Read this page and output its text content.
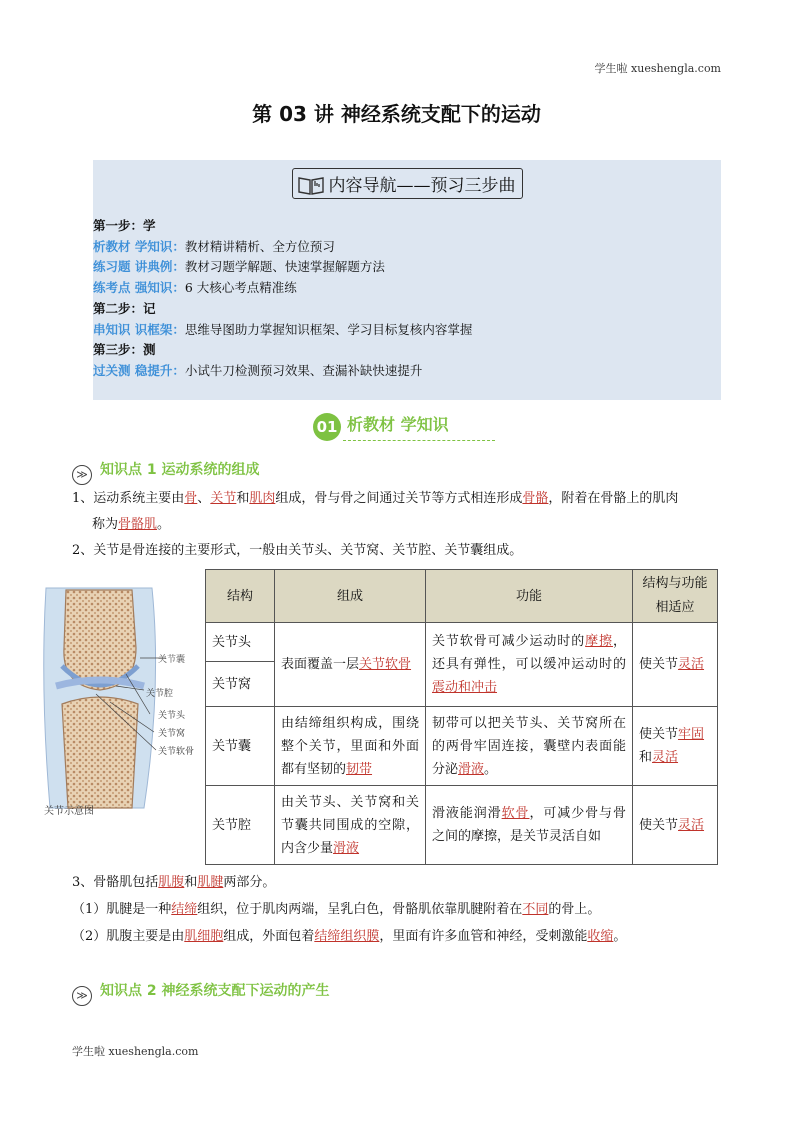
学生啦 xueshengla.com
第 03 讲 神经系统支配下的运动
内容导航——预习三步曲
第一步：学
析教材 学知识：教材精讲精析、全方位预习
练习题 讲典例：教材习题学解题、快速掌握解题方法
练考点 强知识：6 大核心考点精准练
第二步：记
串知识 识框架：思维导图助力掌握知识框架、学习目标复核内容掌握
第三步：测
过关测 稳提升：小试牛刀检测预习效果、查漏补缺快速提升
01 析教材 学知识
≫ 知识点 1 运动系统的组成
1、运动系统主要由骨、关节和肌肉组成，骨与骨之间通过关节等方式相连形成骨骼，附着在骨骼上的肌肉
称为骨骼肌。
2、关节是骨连接的主要形式，一般由关节头、关节窝、关节腔、关节囊组成。
关节囊
关节腔
关节头
关节窝
关节软骨
关节示意图
结构	组成	功能	结构与功能相适应
关节头	表面覆盖一层关节软骨	关节软骨可减少运动时的摩擦，还具有弹性，可以缓冲运动时的震动和冲击	使关节灵活
关节窝			
关节囊	由结缔组织构成，围绕整个关节，里面和外面都有坚韧的韧带	韧带可以把关节头、关节窝所在的两骨牢固连接，囊壁内表面能分泌滑液。	使关节牢固
和灵活
关节腔	由关节头、关节窝和关节囊共同围成的空隙，内含少量滑液	滑液能润滑软骨，可减少骨与骨之间的摩擦，是关节灵活自如	使关节灵活
3、骨骼肌包括肌腹和肌腱两部分。
（1）肌腱是一种结缔组织，位于肌肉两端，呈乳白色，骨骼肌依靠肌腱附着在不同的骨上。
（2）肌腹主要是由肌细胞组成，外面包着结缔组织膜，里面有许多血管和神经，受刺激能收缩。
≫ 知识点 2 神经系统支配下运动的产生
学生啦 xueshengla.com
